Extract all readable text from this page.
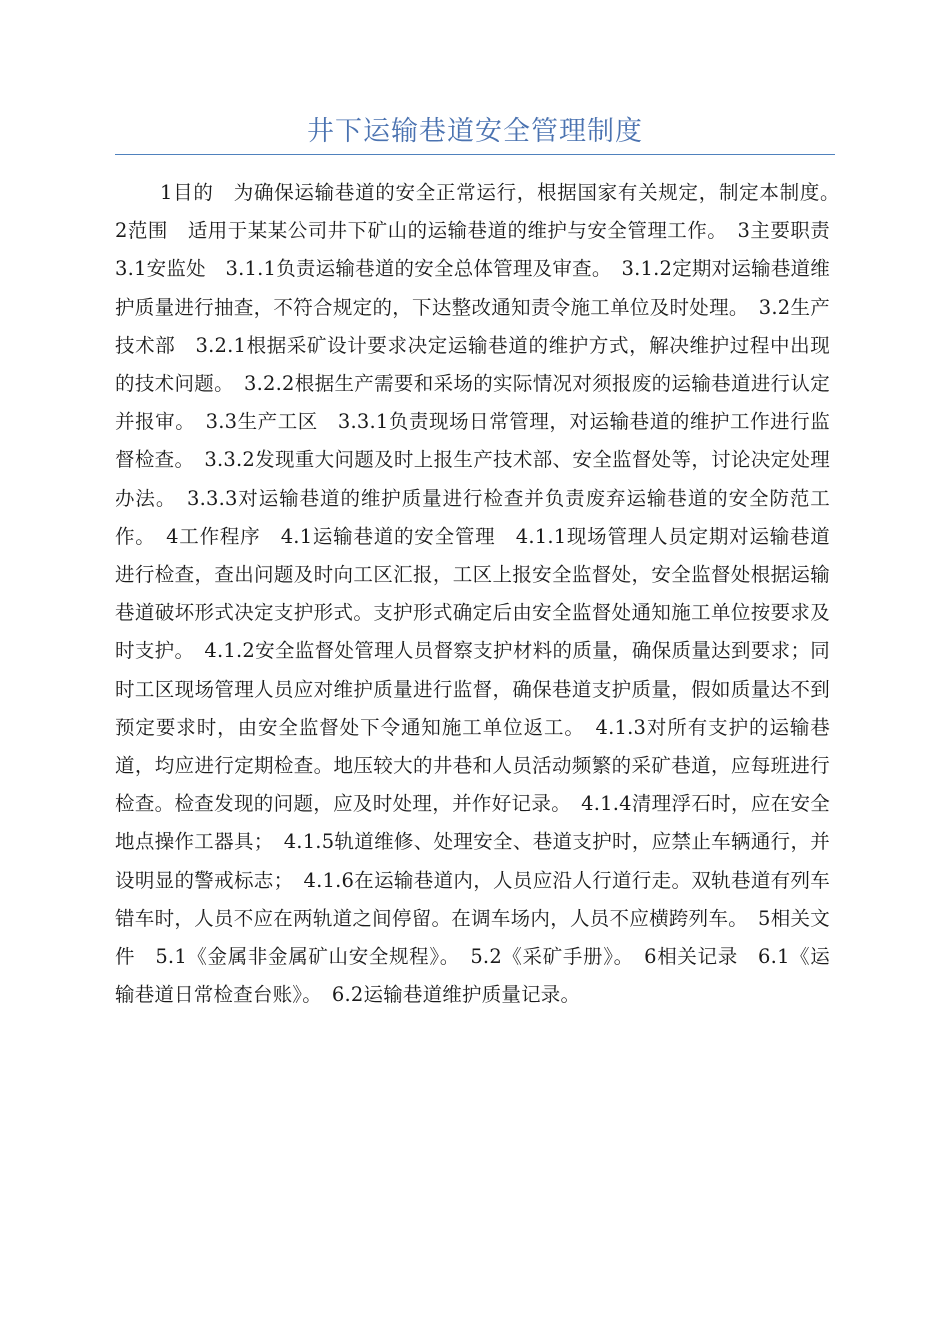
井下运输巷道安全管理制度

1目的　为确保运输巷道的安全正常运行，根据国家有关规定，制定本制度。　2范围　适用于某某公司井下矿山的运输巷道的维护与安全管理工作。　3主要职责　3.1安监处　3.1.1负责运输巷道的安全总体管理及审查。　3.1.2定期对运输巷道维护质量进行抽查，不符合规定的，下达整改通知责令施工单位及时处理。　3.2生产技术部　3.2.1根据采矿设计要求决定运输巷道的维护方式，解决维护过程中出现的技术问题。　3.2.2根据生产需要和采场的实际情况对须报废的运输巷道进行认定并报审。　3.3生产工区　3.3.1负责现场日常管理，对运输巷道的维护工作进行监督检查。　3.3.2发现重大问题及时上报生产技术部、安全监督处等，讨论决定处理办法。　3.3.3对运输巷道的维护质量进行检查并负责废弃运输巷道的安全防范工作。　4工作程序　4.1运输巷道的安全管理　4.1.1现场管理人员定期对运输巷道进行检查，查出问题及时向工区汇报，工区上报安全监督处，安全监督处根据运输巷道破坏形式决定支护形式。支护形式确定后由安全监督处通知施工单位按要求及时支护。　4.1.2安全监督处管理人员督察支护材料的质量，确保质量达到要求；同时工区现场管理人员应对维护质量进行监督，确保巷道支护质量，假如质量达不到预定要求时，由安全监督处下令通知施工单位返工。　4.1.3对所有支护的运输巷道，均应进行定期检查。地压较大的井巷和人员活动频繁的采矿巷道，应每班进行检查。检查发现的问题，应及时处理，并作好记录。　4.1.4清理浮石时，应在安全地点操作工器具；　4.1.5轨道维修、处理安全、巷道支护时，应禁止车辆通行，并设明显的警戒标志；　4.1.6在运输巷道内，人员应沿人行道行走。双轨巷道有列车错车时，人员不应在两轨道之间停留。在调车场内，人员不应横跨列车。　5相关文件　5.1《金属非金属矿山安全规程》。　5.2《采矿手册》。　6相关记录　6.1《运输巷道日常检查台账》。　6.2运输巷道维护质量记录。
